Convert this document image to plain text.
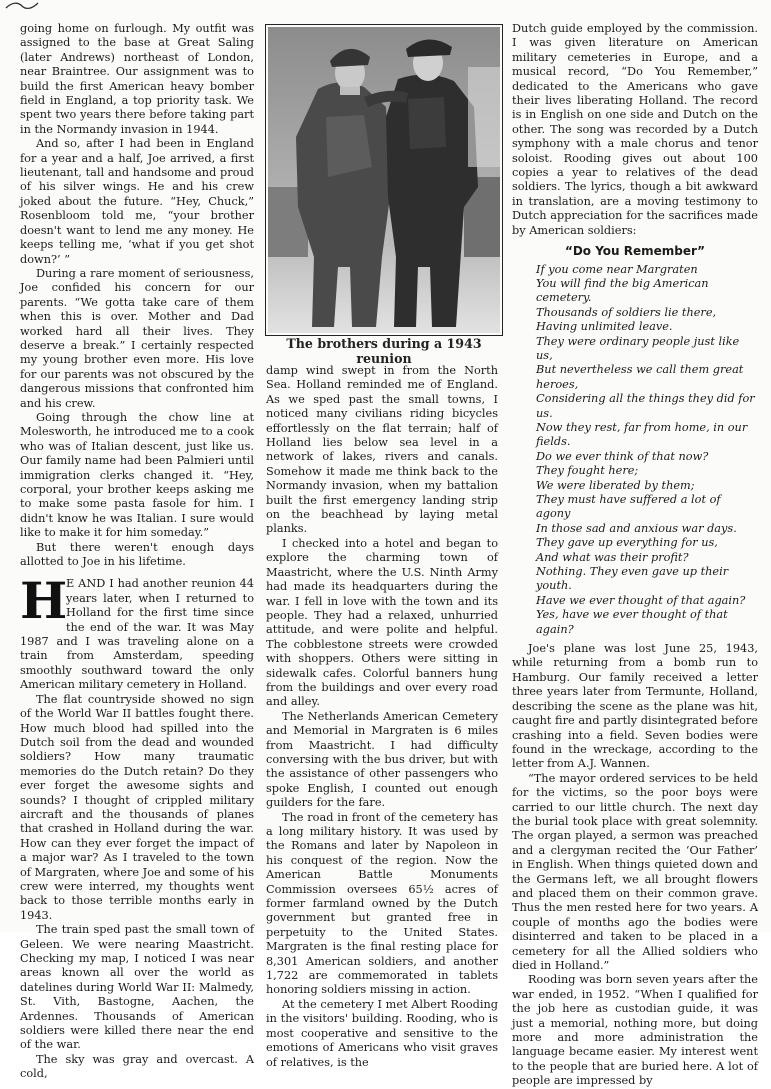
going home on furlough. My outfit was assigned to the base at Great Saling (later Andrews) northeast of London, near Braintree. Our assignment was to build the first American heavy bomber field in England, a top priority task. We spent two years there before taking part in the Normandy invasion in 1944.

And so, after I had been in England for a year and a half, Joe arrived, a first lieutenant, tall and handsome and proud of his silver wings. He and his crew joked about the future. “Hey, Chuck,” Rosenbloom told me, “your brother doesn't want to lend me any money. He keeps telling me, ‘what if you get shot down?’ ”

During a rare moment of seriousness, Joe confided his concern for our parents. “We gotta take care of them when this is over. Mother and Dad worked hard all their lives. They deserve a break.” I certainly respected my young brother even more. His love for our parents was not obscured by the dangerous missions that confronted him and his crew.

Going through the chow line at Molesworth, he introduced me to a cook who was of Italian descent, just like us. Our family name had been Palmieri until immigration clerks changed it. “Hey, corporal, your brother keeps asking me to make some pasta fasole for him. I didn't know he was Italian. I sure would like to make it for him someday.”

But there weren't enough days allotted to Joe in his lifetime.

H

E AND I had another reunion 44 years later, when I returned to Holland for the first time since the end of the war. It was May 1987 and I was traveling alone on a train from Amsterdam, speeding smoothly southward toward the only American military cemetery in Holland.

The flat countryside showed no sign of the World War II battles fought there. How much blood had spilled into the Dutch soil from the dead and wounded soldiers? How many traumatic memories do the Dutch retain? Do they ever forget the awesome sights and sounds? I thought of crippled military aircraft and the thousands of planes that crashed in Holland during the war. How can they ever forget the impact of a major war? As I traveled to the town of Margraten, where Joe and some of his crew were interred, my thoughts went back to those terrible months early in 1943.

The train sped past the small town of Geleen. We were nearing Maastricht. Checking my map, I noticed I was near areas known all over the world as datelines during World War II: Malmedy, St. Vith, Bastogne, Aachen, the Ardennes. Thousands of American soldiers were killed there near the end of the war.

The sky was gray and overcast. A cold,

The brothers during a 1943 reunion

damp wind swept in from the North Sea. Holland reminded me of England. As we sped past the small towns, I noticed many civilians riding bicycles effortlessly on the flat terrain; half of Holland lies below sea level in a network of lakes, rivers and canals. Somehow it made me think back to the Normandy invasion, when my battalion built the first emergency landing strip on the beachhead by laying metal planks.

I checked into a hotel and began to explore the charming town of Maastricht, where the U.S. Ninth Army had made its headquarters during the war. I fell in love with the town and its people. They had a relaxed, unhurried attitude, and were polite and helpful. The cobblestone streets were crowded with shoppers. Others were sitting in sidewalk cafes. Colorful banners hung from the buildings and over every road and alley.

The Netherlands American Cemetery and Memorial in Margraten is 6 miles from Maastricht. I had difficulty conversing with the bus driver, but with the assistance of other passengers who spoke English, I counted out enough guilders for the fare.

The road in front of the cemetery has a long military history. It was used by the Romans and later by Napoleon in his conquest of the region. Now the American Battle Monuments Commission oversees 65½ acres of former farmland owned by the Dutch government but granted free in perpetuity to the United States. Margraten is the final resting place for 8,301 American soldiers, and another 1,722 are commemorated in tablets honoring soldiers missing in action.

At the cemetery I met Albert Rooding in the visitors' building. Rooding, who is most cooperative and sensitive to the emotions of Americans who visit graves of relatives, is the

Dutch guide employed by the commission. I was given literature on American military cemeteries in Europe, and a musical record, “Do You Remember,” dedicated to the Americans who gave their lives liberating Holland. The record is in English on one side and Dutch on the other. The song was recorded by a Dutch symphony with a male chorus and tenor soloist. Rooding gives out about 100 copies a year to relatives of the dead soldiers. The lyrics, though a bit awkward in translation, are a moving testimony to Dutch appreciation for the sacrifices made by American soldiers:

“Do You Remember”
If you come near Margraten
You will find the big American cemetery.
Thousands of soldiers lie there,
Having unlimited leave.
They were ordinary people just like us,
But nevertheless we call them great heroes,
Considering all the things they did for us.
Now they rest, far from home, in our fields.
Do we ever think of that now?
They fought here;
We were liberated by them;
They must have suffered a lot of agony
In those sad and anxious war days.
They gave up everything for us,
And what was their profit?
Nothing. They even gave up their youth.
Have we ever thought of that again?
Yes, have we ever thought of that again?

Joe's plane was lost June 25, 1943, while returning from a bomb run to Hamburg. Our family received a letter three years later from Termunte, Holland, describing the scene as the plane was hit, caught fire and partly disintegrated before crashing into a field. Seven bodies were found in the wreckage, according to the letter from A.J. Wannen.

“The mayor ordered services to be held for the victims, so the poor boys were carried to our little church. The next day the burial took place with great solemnity. The organ played, a sermon was preached and a clergyman recited the ‘Our Father’ in English. When things quieted down and the Germans left, we all brought flowers and placed them on their common grave. Thus the men rested here for two years. A couple of months ago the bodies were disinterred and taken to be placed in a cemetery for all the Allied soldiers who died in Holland.”

Rooding was born seven years after the war ended, in 1952. “When I qualified for the job here as custodian guide, it was just a memorial, nothing more, but doing more and more administration the language became easier. My interest went to the people that are buried here. A lot of people are impressed by
